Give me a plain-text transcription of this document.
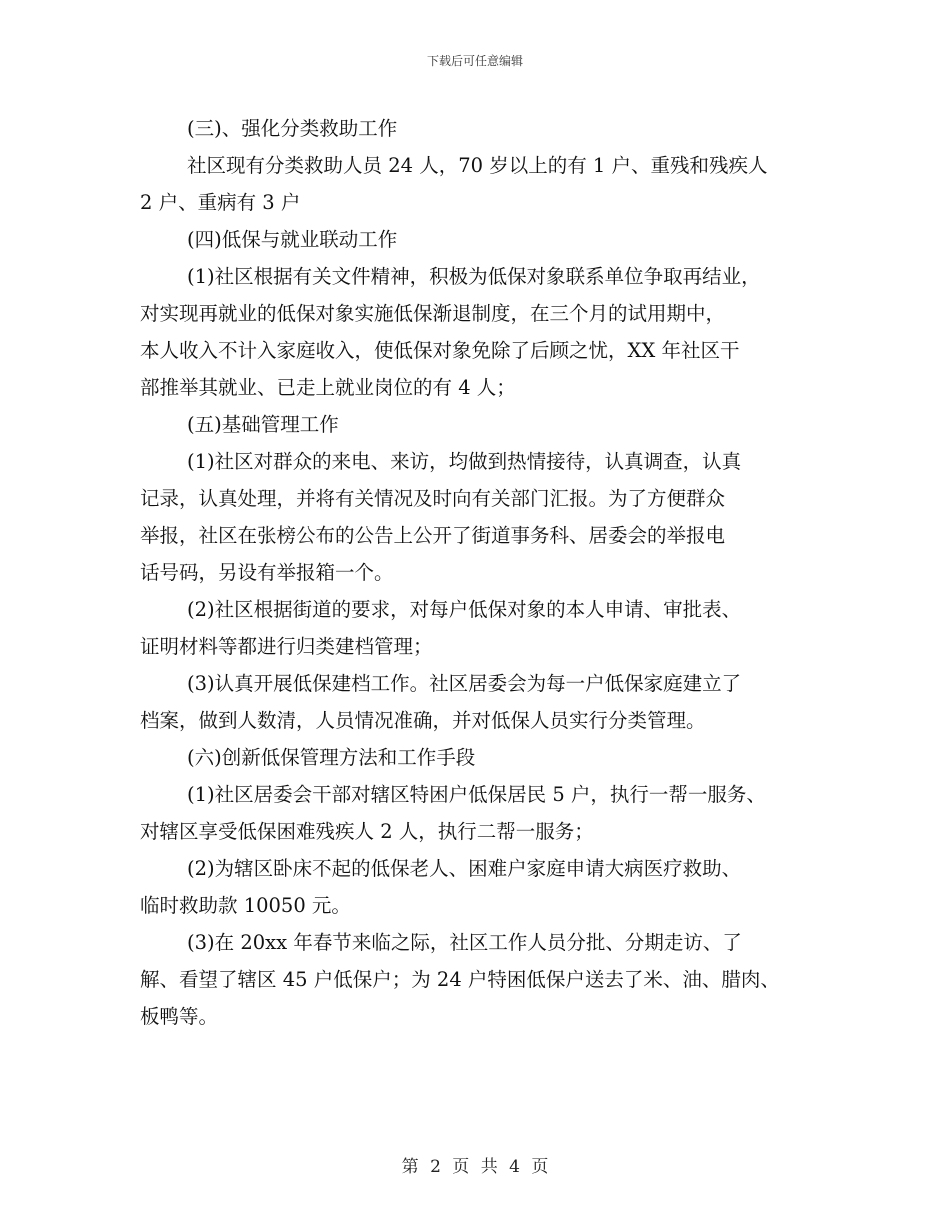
下载后可任意编辑
(三)、强化分类救助工作
社区现有分类救助人员 24 人，70 岁以上的有 1 户、重残和残疾人
2 户、重病有 3 户
(四)低保与就业联动工作
(1)社区根据有关文件精神，积极为低保对象联系单位争取再结业，
对实现再就业的低保对象实施低保渐退制度，在三个月的试用期中，
本人收入不计入家庭收入，使低保对象免除了后顾之忧，XX 年社区干
部推举其就业、已走上就业岗位的有 4 人；
(五)基础管理工作
(1)社区对群众的来电、来访，均做到热情接待，认真调查，认真
记录，认真处理，并将有关情况及时向有关部门汇报。为了方便群众
举报，社区在张榜公布的公告上公开了街道事务科、居委会的举报电
话号码，另设有举报箱一个。
(2)社区根据街道的要求，对每户低保对象的本人申请、审批表、
证明材料等都进行归类建档管理；
(3)认真开展低保建档工作。社区居委会为每一户低保家庭建立了
档案，做到人数清，人员情况准确，并对低保人员实行分类管理。
(六)创新低保管理方法和工作手段
(1)社区居委会干部对辖区特困户低保居民 5 户，执行一帮一服务、
对辖区享受低保困难残疾人 2 人，执行二帮一服务；
(2)为辖区卧床不起的低保老人、困难户家庭申请大病医疗救助、
临时救助款 10050 元。
(3)在 20xx 年春节来临之际，社区工作人员分批、分期走访、了
解、看望了辖区 45 户低保户；为 24 户特困低保户送去了米、油、腊肉、
板鸭等。
第 2 页 共 4 页
